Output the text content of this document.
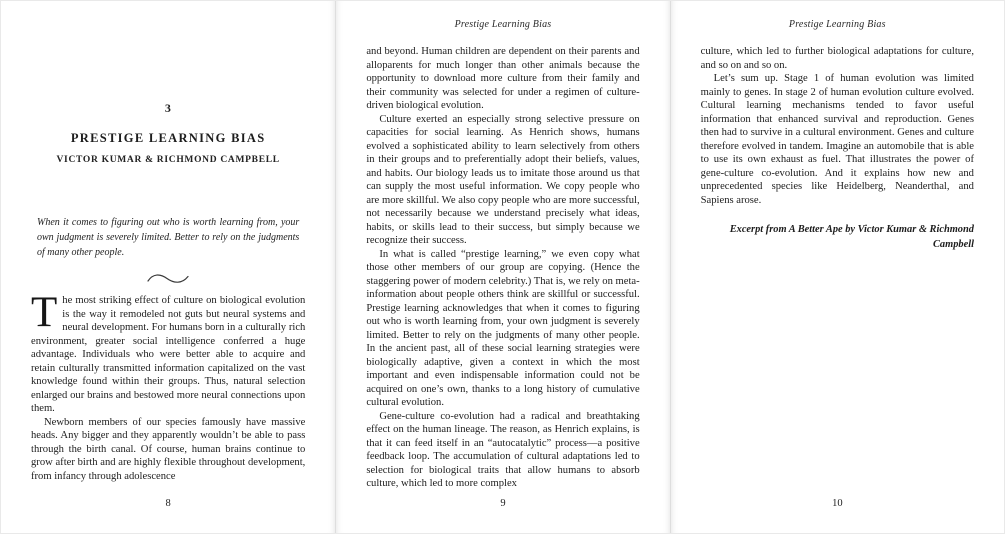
3
PRESTIGE LEARNING BIAS
VICTOR KUMAR & RICHMOND CAMPBELL

When it comes to figuring out who is worth learning from, your own judgment is severely limited. Better to rely on the judgments of many other people.

The most striking effect of culture on biological evolution is the way it remodeled not guts but neural systems and neural development. For humans born in a culturally rich environment, greater social intelligence conferred a huge advantage. Individuals who were better able to acquire and retain culturally transmitted information capitalized on the vast knowledge found within their groups. Thus, natural selection enlarged our brains and bestowed more neural connections upon them.

Newborn members of our species famously have massive heads. Any bigger and they apparently wouldn’t be able to pass through the birth canal. Of course, human brains continue to grow after birth and are highly flexible throughout development, from infancy through adolescence

8
Prestige Learning Bias

and beyond. Human children are dependent on their parents and alloparents for much longer than other animals because the opportunity to download more culture from their family and their community was selected for under a regimen of culture-driven biological evolution.

Culture exerted an especially strong selective pressure on capacities for social learning. As Henrich shows, humans evolved a sophisticated ability to learn selectively from others in their groups and to preferentially adopt their beliefs, values, and habits. Our biology leads us to imitate those around us that can supply the most useful information. We copy people who are more skillful. We also copy people who are more successful, not necessarily because we understand precisely what ideas, habits, or skills lead to their success, but simply because we recognize their success.

In what is called “prestige learning,” we even copy what those other members of our group are copying. (Hence the staggering power of modern celebrity.) That is, we rely on meta-information about people others think are skillful or successful. Prestige learning acknowledges that when it comes to figuring out who is worth learning from, your own judgment is severely limited. Better to rely on the judgments of many other people. In the ancient past, all of these social learning strategies were biologically adaptive, given a context in which the most important and even indispensable information could not be acquired on one’s own, thanks to a long history of cumulative cultural evolution.

Gene-culture co-evolution had a radical and breathtaking effect on the human lineage. The reason, as Henrich explains, is that it can feed itself in an “autocatalytic” process—a positive feedback loop. The accumulation of cultural adaptations led to selection for biological traits that allow humans to absorb culture, which led to more complex

9
Prestige Learning Bias

culture, which led to further biological adaptations for culture, and so on and so on.

Let’s sum up. Stage 1 of human evolution was limited mainly to genes. In stage 2 of human evolution culture evolved. Cultural learning mechanisms tended to favor useful information that enhanced survival and reproduction. Genes then had to survive in a cultural environment. Genes and culture therefore evolved in tandem. Imagine an automobile that is able to use its own exhaust as fuel. That illustrates the power of gene-culture co-evolution. And it explains how new and unprecedented species like Heidelberg, Neanderthal, and Sapiens arose.

Excerpt from A Better Ape by Victor Kumar & Richmond Campbell

10
